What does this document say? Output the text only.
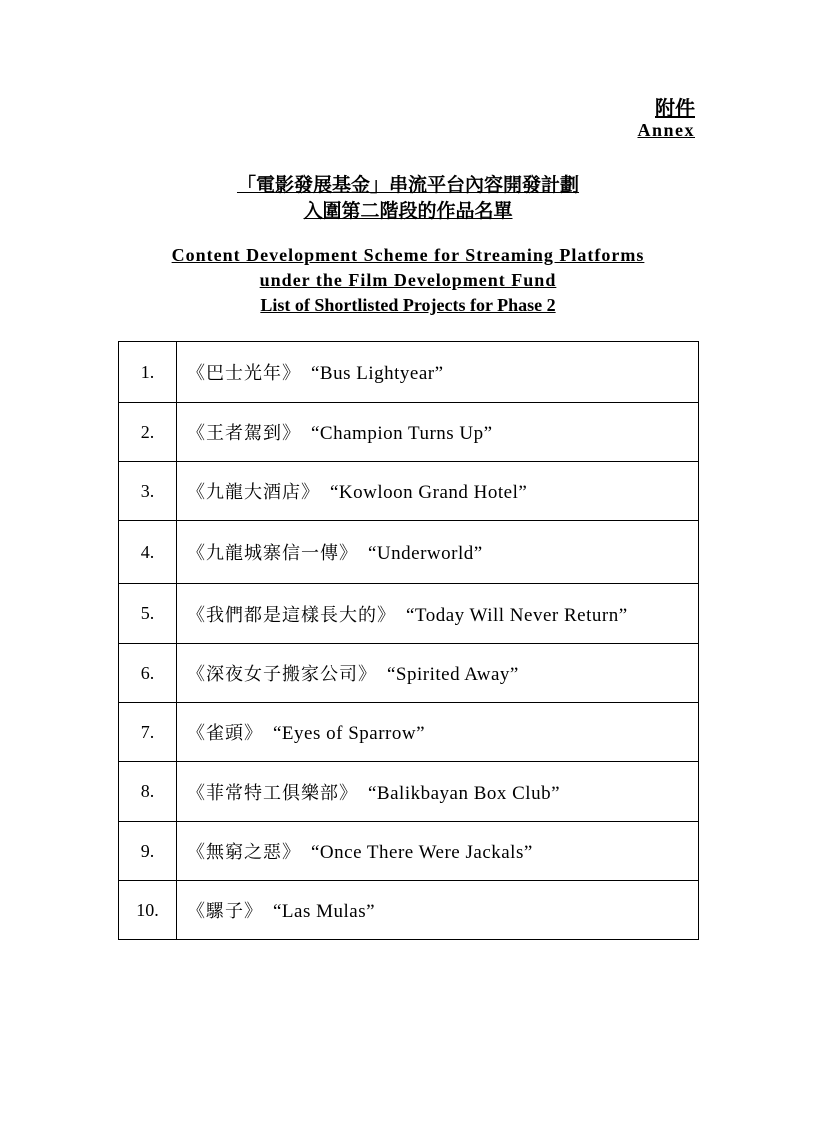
附件
Annex
「電影發展基金」串流平台內容開發計劃
入圍第二階段的作品名單
Content Development Scheme for Streaming Platforms
under the Film Development Fund
List of Shortlisted Projects for Phase 2
1.	《巴士光年》 “Bus Lightyear”
2.	《王者駕到》 “Champion Turns Up”
3.	《九龍大酒店》 “Kowloon Grand Hotel”
4.	《九龍城寨信一傳》 “Underworld”
5.	《我們都是這樣長大的》 “Today Will Never Return”
6.	《深夜女子搬家公司》 “Spirited Away”
7.	《雀頭》 “Eyes of Sparrow”
8.	《菲常特工俱樂部》 “Balikbayan Box Club”
9.	《無窮之惡》 “Once There Were Jackals”
10.	《騾子》 “Las Mulas”
